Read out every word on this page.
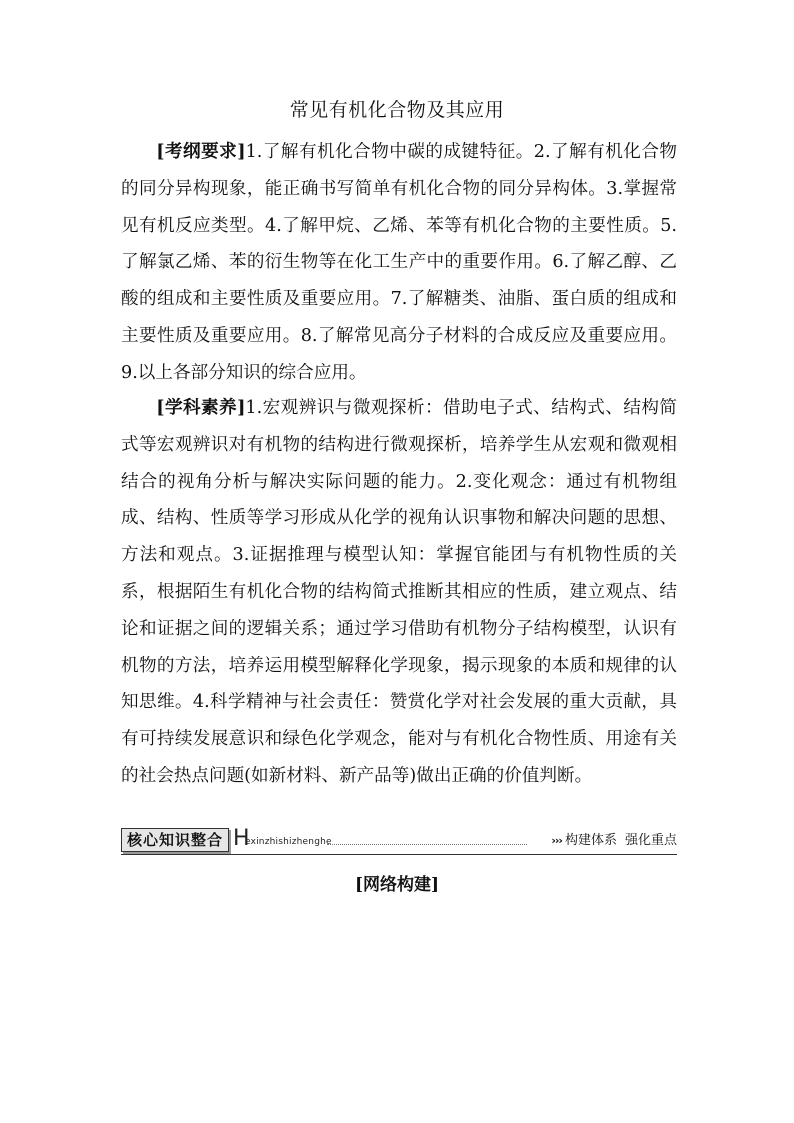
常见有机化合物及其应用

[考纲要求]1.了解有机化合物中碳的成键特征。2.了解有机化合物的同分异构现象，能正确书写简单有机化合物的同分异构体。3.掌握常见有机反应类型。4.了解甲烷、乙烯、苯等有机化合物的主要性质。5.了解氯乙烯、苯的衍生物等在化工生产中的重要作用。6.了解乙醇、乙酸的组成和主要性质及重要应用。7.了解糖类、油脂、蛋白质的组成和主要性质及重要应用。8.了解常见高分子材料的合成反应及重要应用。9.以上各部分知识的综合应用。

[学科素养]1.宏观辨识与微观探析：借助电子式、结构式、结构简式等宏观辨识对有机物的结构进行微观探析，培养学生从宏观和微观相结合的视角分析与解决实际问题的能力。2.变化观念：通过有机物组成、结构、性质等学习形成从化学的视角认识事物和解决问题的思想、方法和观点。3.证据推理与模型认知：掌握官能团与有机物性质的关系，根据陌生有机化合物的结构简式推断其相应的性质，建立观点、结论和证据之间的逻辑关系；通过学习借助有机物分子结构模型，认识有机物的方法，培养运用模型解释化学现象，揭示现象的本质和规律的认知思维。4.科学精神与社会责任：赞赏化学对社会发展的重大贡献，具有可持续发展意识和绿色化学观念，能对与有机化合物性质、用途有关的社会热点问题(如新材料、新产品等)做出正确的价值判断。

核心知识整合 H
exinzhishizhenghe	››› 构建体系 强化重点
[网络构建]
